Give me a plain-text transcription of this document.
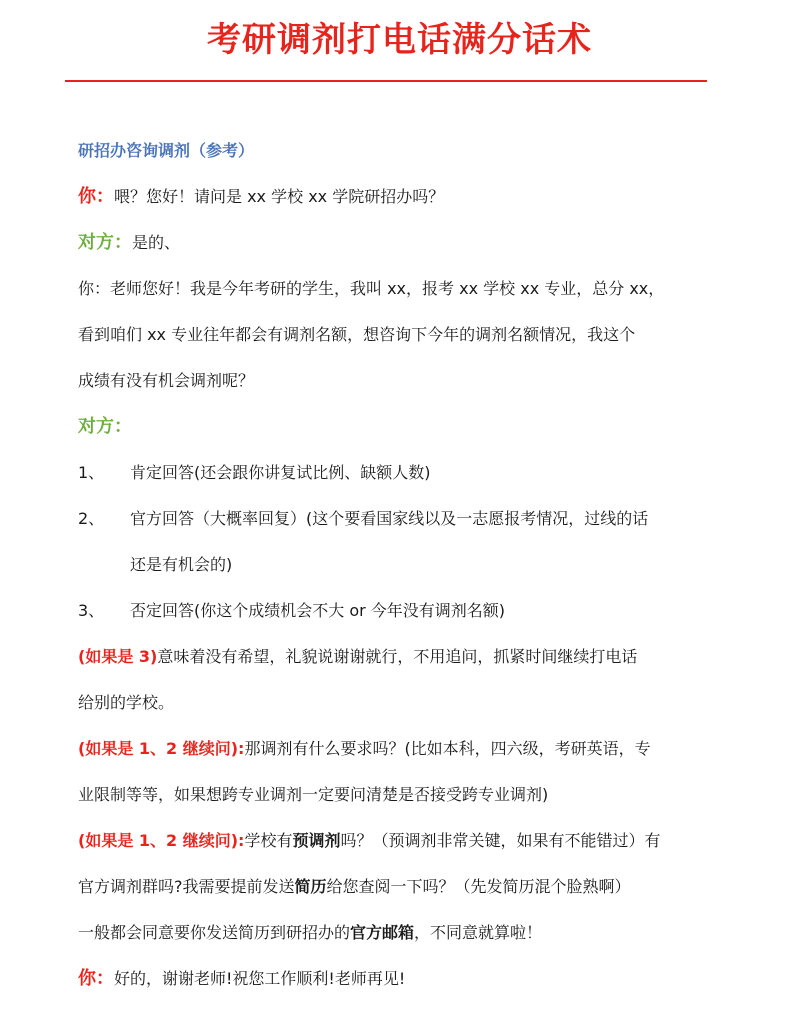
考研调剂打电话满分话术
研招办咨询调剂（参考）
你：喂？您好！请问是 xx 学校 xx 学院研招办吗？
对方：是的、
你：老师您好！我是今年考研的学生，我叫 xx，报考 xx 学校 xx 专业，总分 xx，
看到咱们 xx 专业往年都会有调剂名额，想咨询下今年的调剂名额情况，我这个
成绩有没有机会调剂呢？
对方：
1、 肯定回答(还会跟你讲复试比例、缺额人数)
2、 官方回答（大概率回复）(这个要看国家线以及一志愿报考情况，过线的话
还是有机会的)
3、 否定回答(你这个成绩机会不大 or 今年没有调剂名额)
(如果是 3)意味着没有希望，礼貌说谢谢就行，不用追问，抓紧时间继续打电话
给别的学校。
(如果是 1、2 继续问):那调剂有什么要求吗？(比如本科，四六级，考研英语，专
业限制等等，如果想跨专业调剂一定要问清楚是否接受跨专业调剂)
(如果是 1、2 继续问):学校有预调剂吗？（预调剂非常关键，如果有不能错过）有
官方调剂群吗?我需要提前发送简历给您查阅一下吗？（先发简历混个脸熟啊）
一般都会同意要你发送简历到研招办的官方邮箱，不同意就算啦！
你：好的，谢谢老师!祝您工作顺利!老师再见!
